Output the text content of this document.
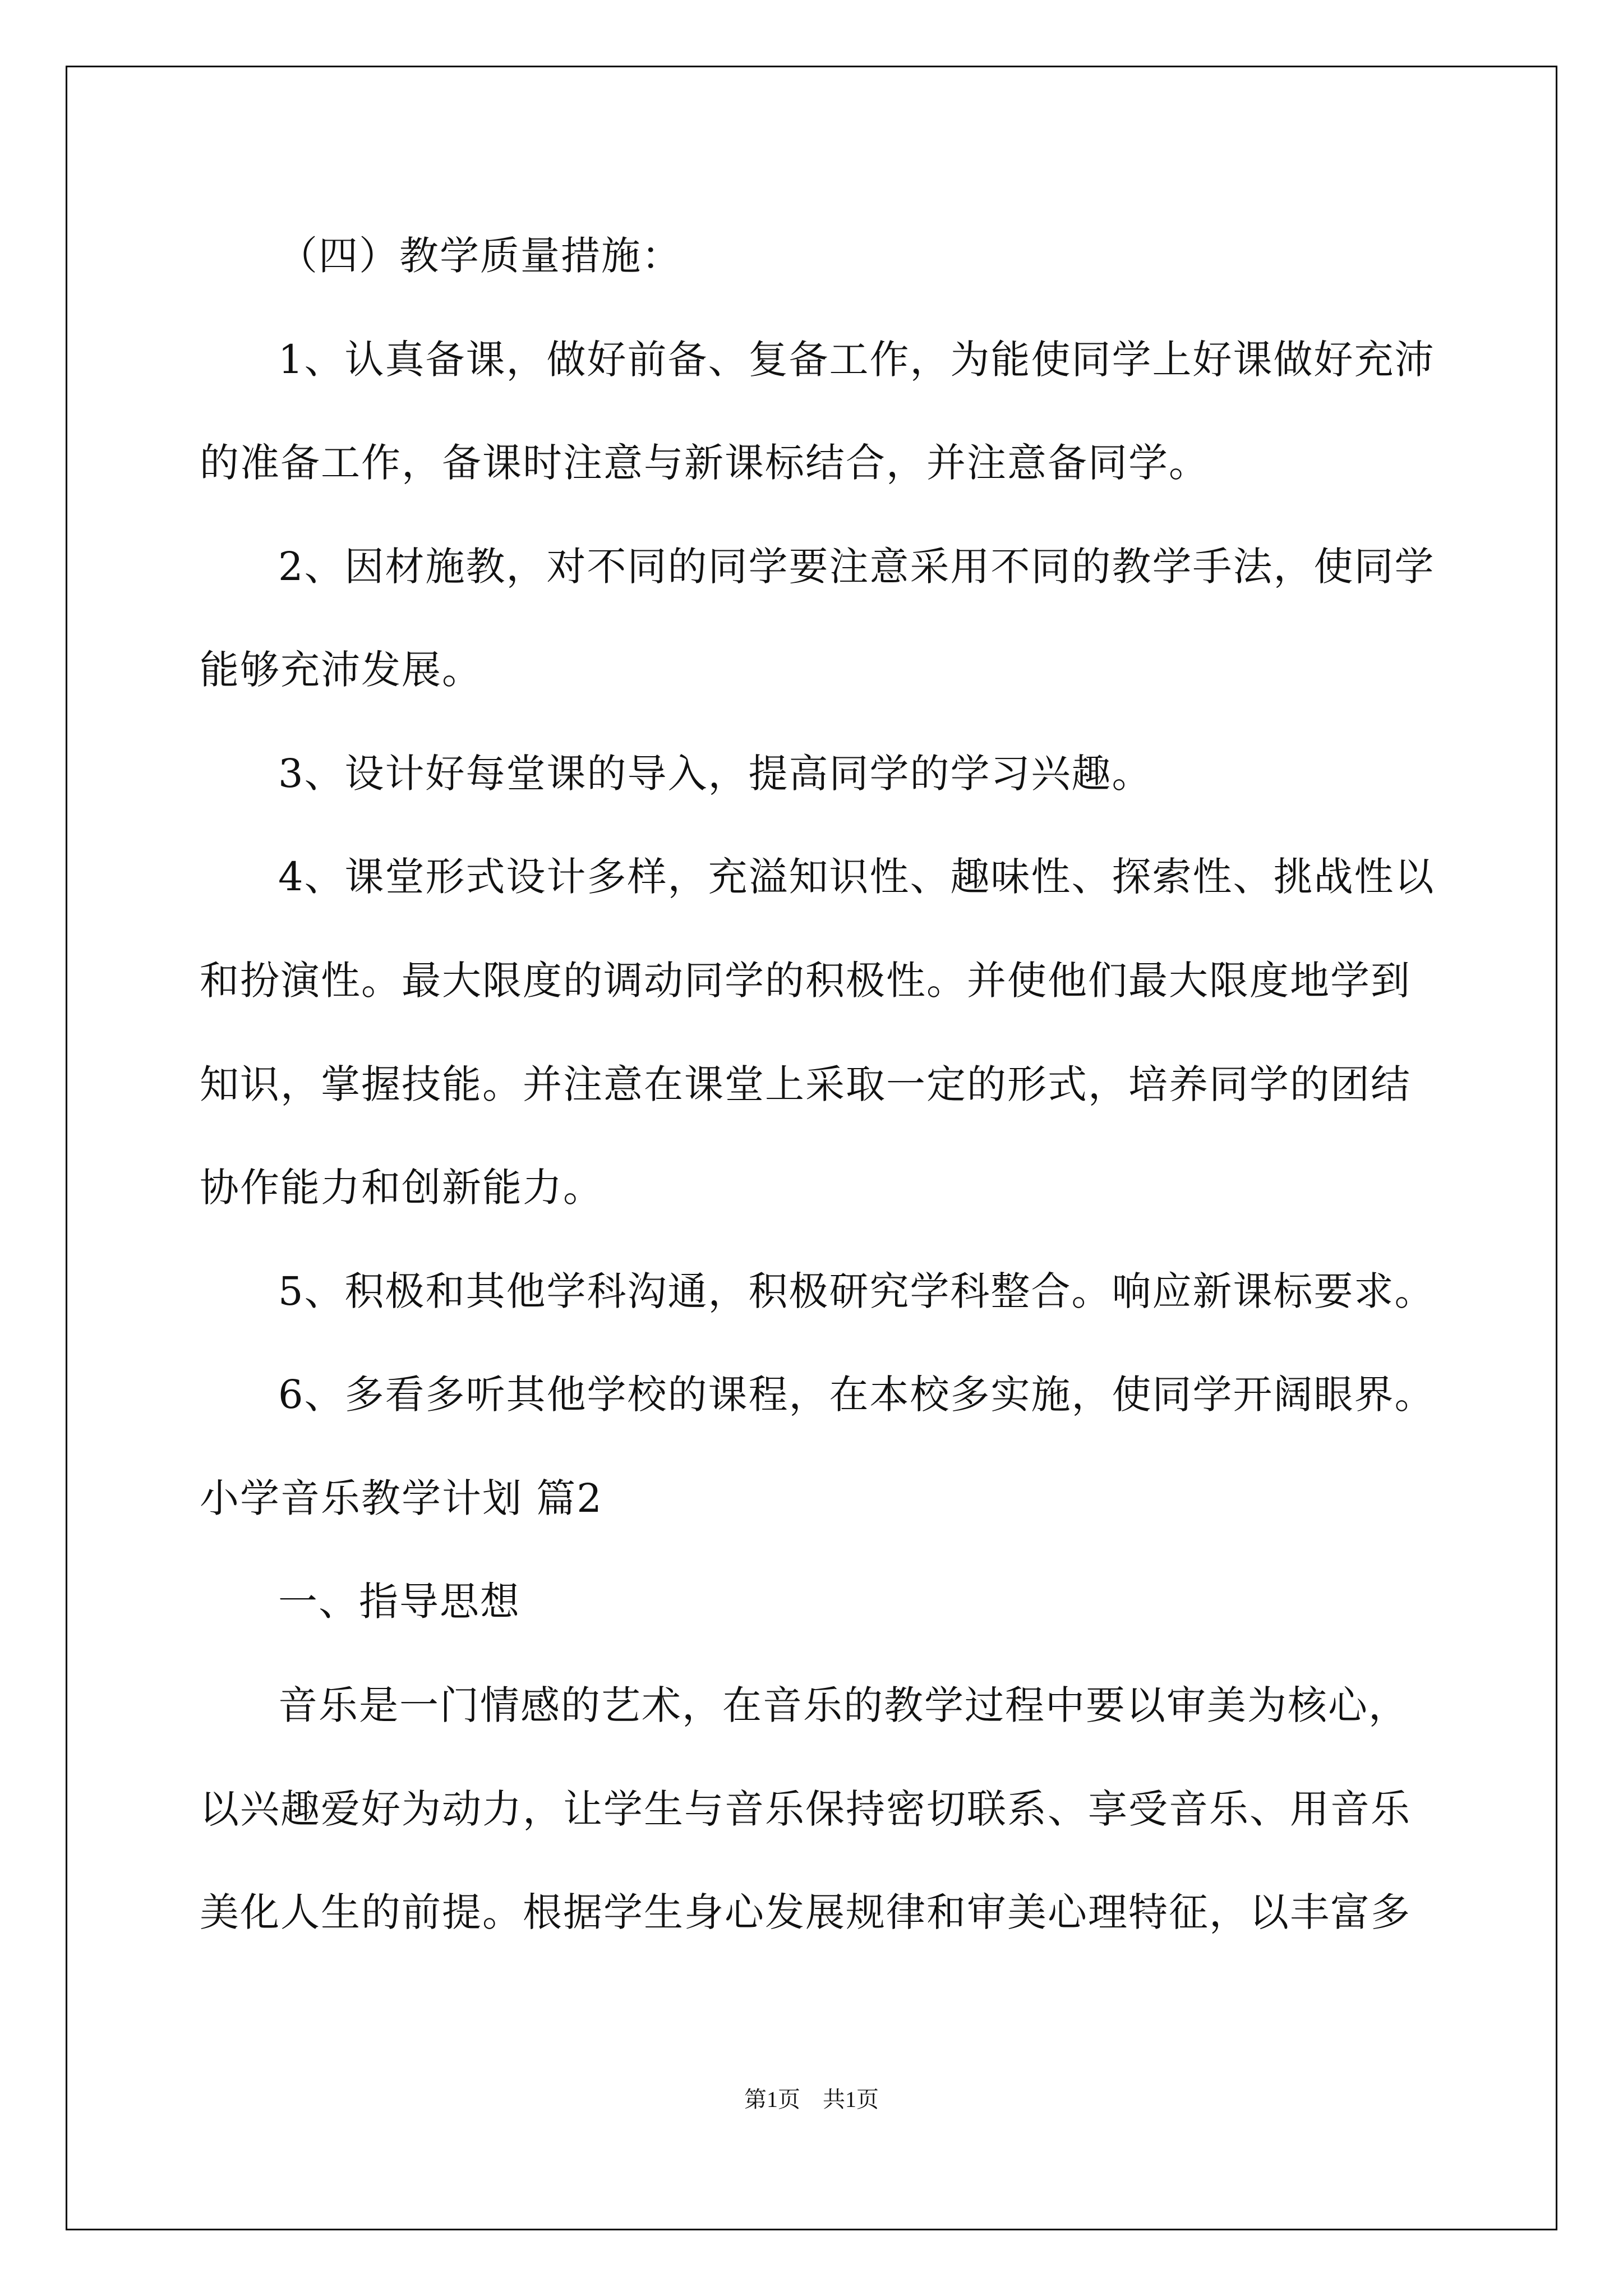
（四）教学质量措施：
1、认真备课，做好前备、复备工作，为能使同学上好课做好充沛
的准备工作，备课时注意与新课标结合，并注意备同学。
2、因材施教，对不同的同学要注意采用不同的教学手法，使同学
能够充沛发展。
3、设计好每堂课的导入，提高同学的学习兴趣。
4、课堂形式设计多样，充溢知识性、趣味性、探索性、挑战性以
和扮演性。最大限度的调动同学的积极性。并使他们最大限度地学到
知识，掌握技能。并注意在课堂上采取一定的形式，培养同学的团结
协作能力和创新能力。
5、积极和其他学科沟通，积极研究学科整合。响应新课标要求。
6、多看多听其他学校的课程，在本校多实施，使同学开阔眼界。
小学音乐教学计划 篇2
一、指导思想
音乐是一门情感的艺术，在音乐的教学过程中要以审美为核心，
以兴趣爱好为动力，让学生与音乐保持密切联系、享受音乐、用音乐
美化人生的前提。根据学生身心发展规律和审美心理特征，以丰富多
第1页　共1页
